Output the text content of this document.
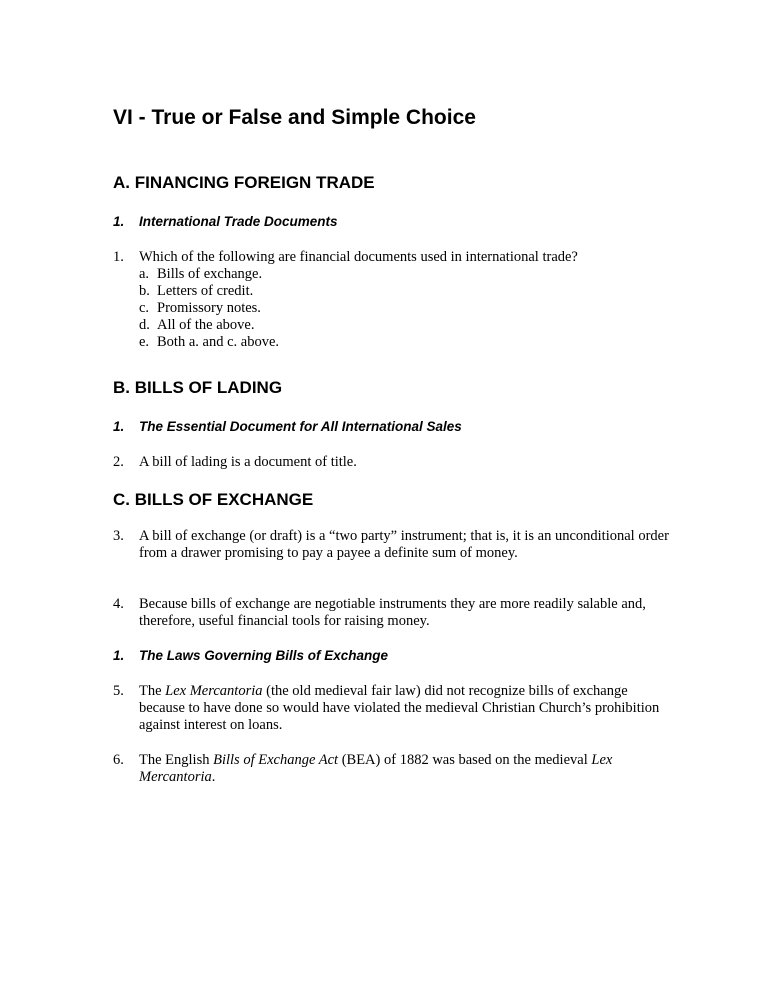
VI - True or False and Simple Choice
A. FINANCING FOREIGN TRADE
1. International Trade Documents
1. Which of the following are financial documents used in international trade?
a. Bills of exchange.
b. Letters of credit.
c. Promissory notes.
d. All of the above.
e. Both a. and c. above.
B. BILLS OF LADING
1. The Essential Document for All International Sales
2. A bill of lading is a document of title.
C. BILLS OF EXCHANGE
3. A bill of exchange (or draft) is a “two party” instrument; that is, it is an unconditional order from a drawer promising to pay a payee a definite sum of money.
4. Because bills of exchange are negotiable instruments they are more readily salable and, therefore, useful financial tools for raising money.
1. The Laws Governing Bills of Exchange
5. The Lex Mercantoria (the old medieval fair law) did not recognize bills of exchange because to have done so would have violated the medieval Christian Church’s prohibition against interest on loans.
6. The English Bills of Exchange Act (BEA) of 1882 was based on the medieval Lex Mercantoria.
